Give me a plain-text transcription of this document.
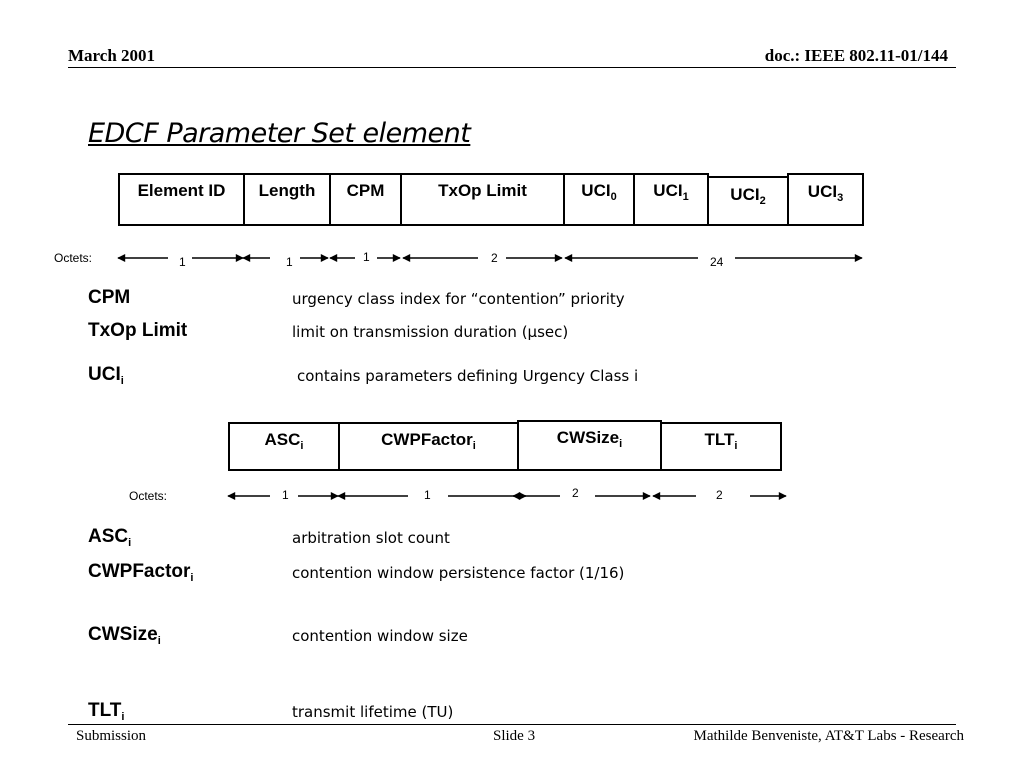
March 2001	doc.: IEEE 802.11-01/144
EDCF Parameter Set element
Element ID	Length	CPM	TxOp Limit	$UCI_0$	$UCI_1$	$UCI_2$	$UCI_3$
Octets:	1	1	1	2	24
CPM	urgency class index for “contention” priority
TxOp Limit	limit on transmission duration (µsec)
$UCI_i$	contains parameters defining Urgency Class i
$ASC_i$	CWPFactor$_i$	CWSize$_i$	$TLT_i$
Octets:	1	1	2	2
$ASC_i$	arbitration slot count
CWPFactor$_i$	contention window persistence factor (1/16)
CWSize$_i$	contention window size
$TLT_i$	transmit lifetime (TU)
Submission	Slide 3	Mathilde Benveniste, AT&T Labs - Research
